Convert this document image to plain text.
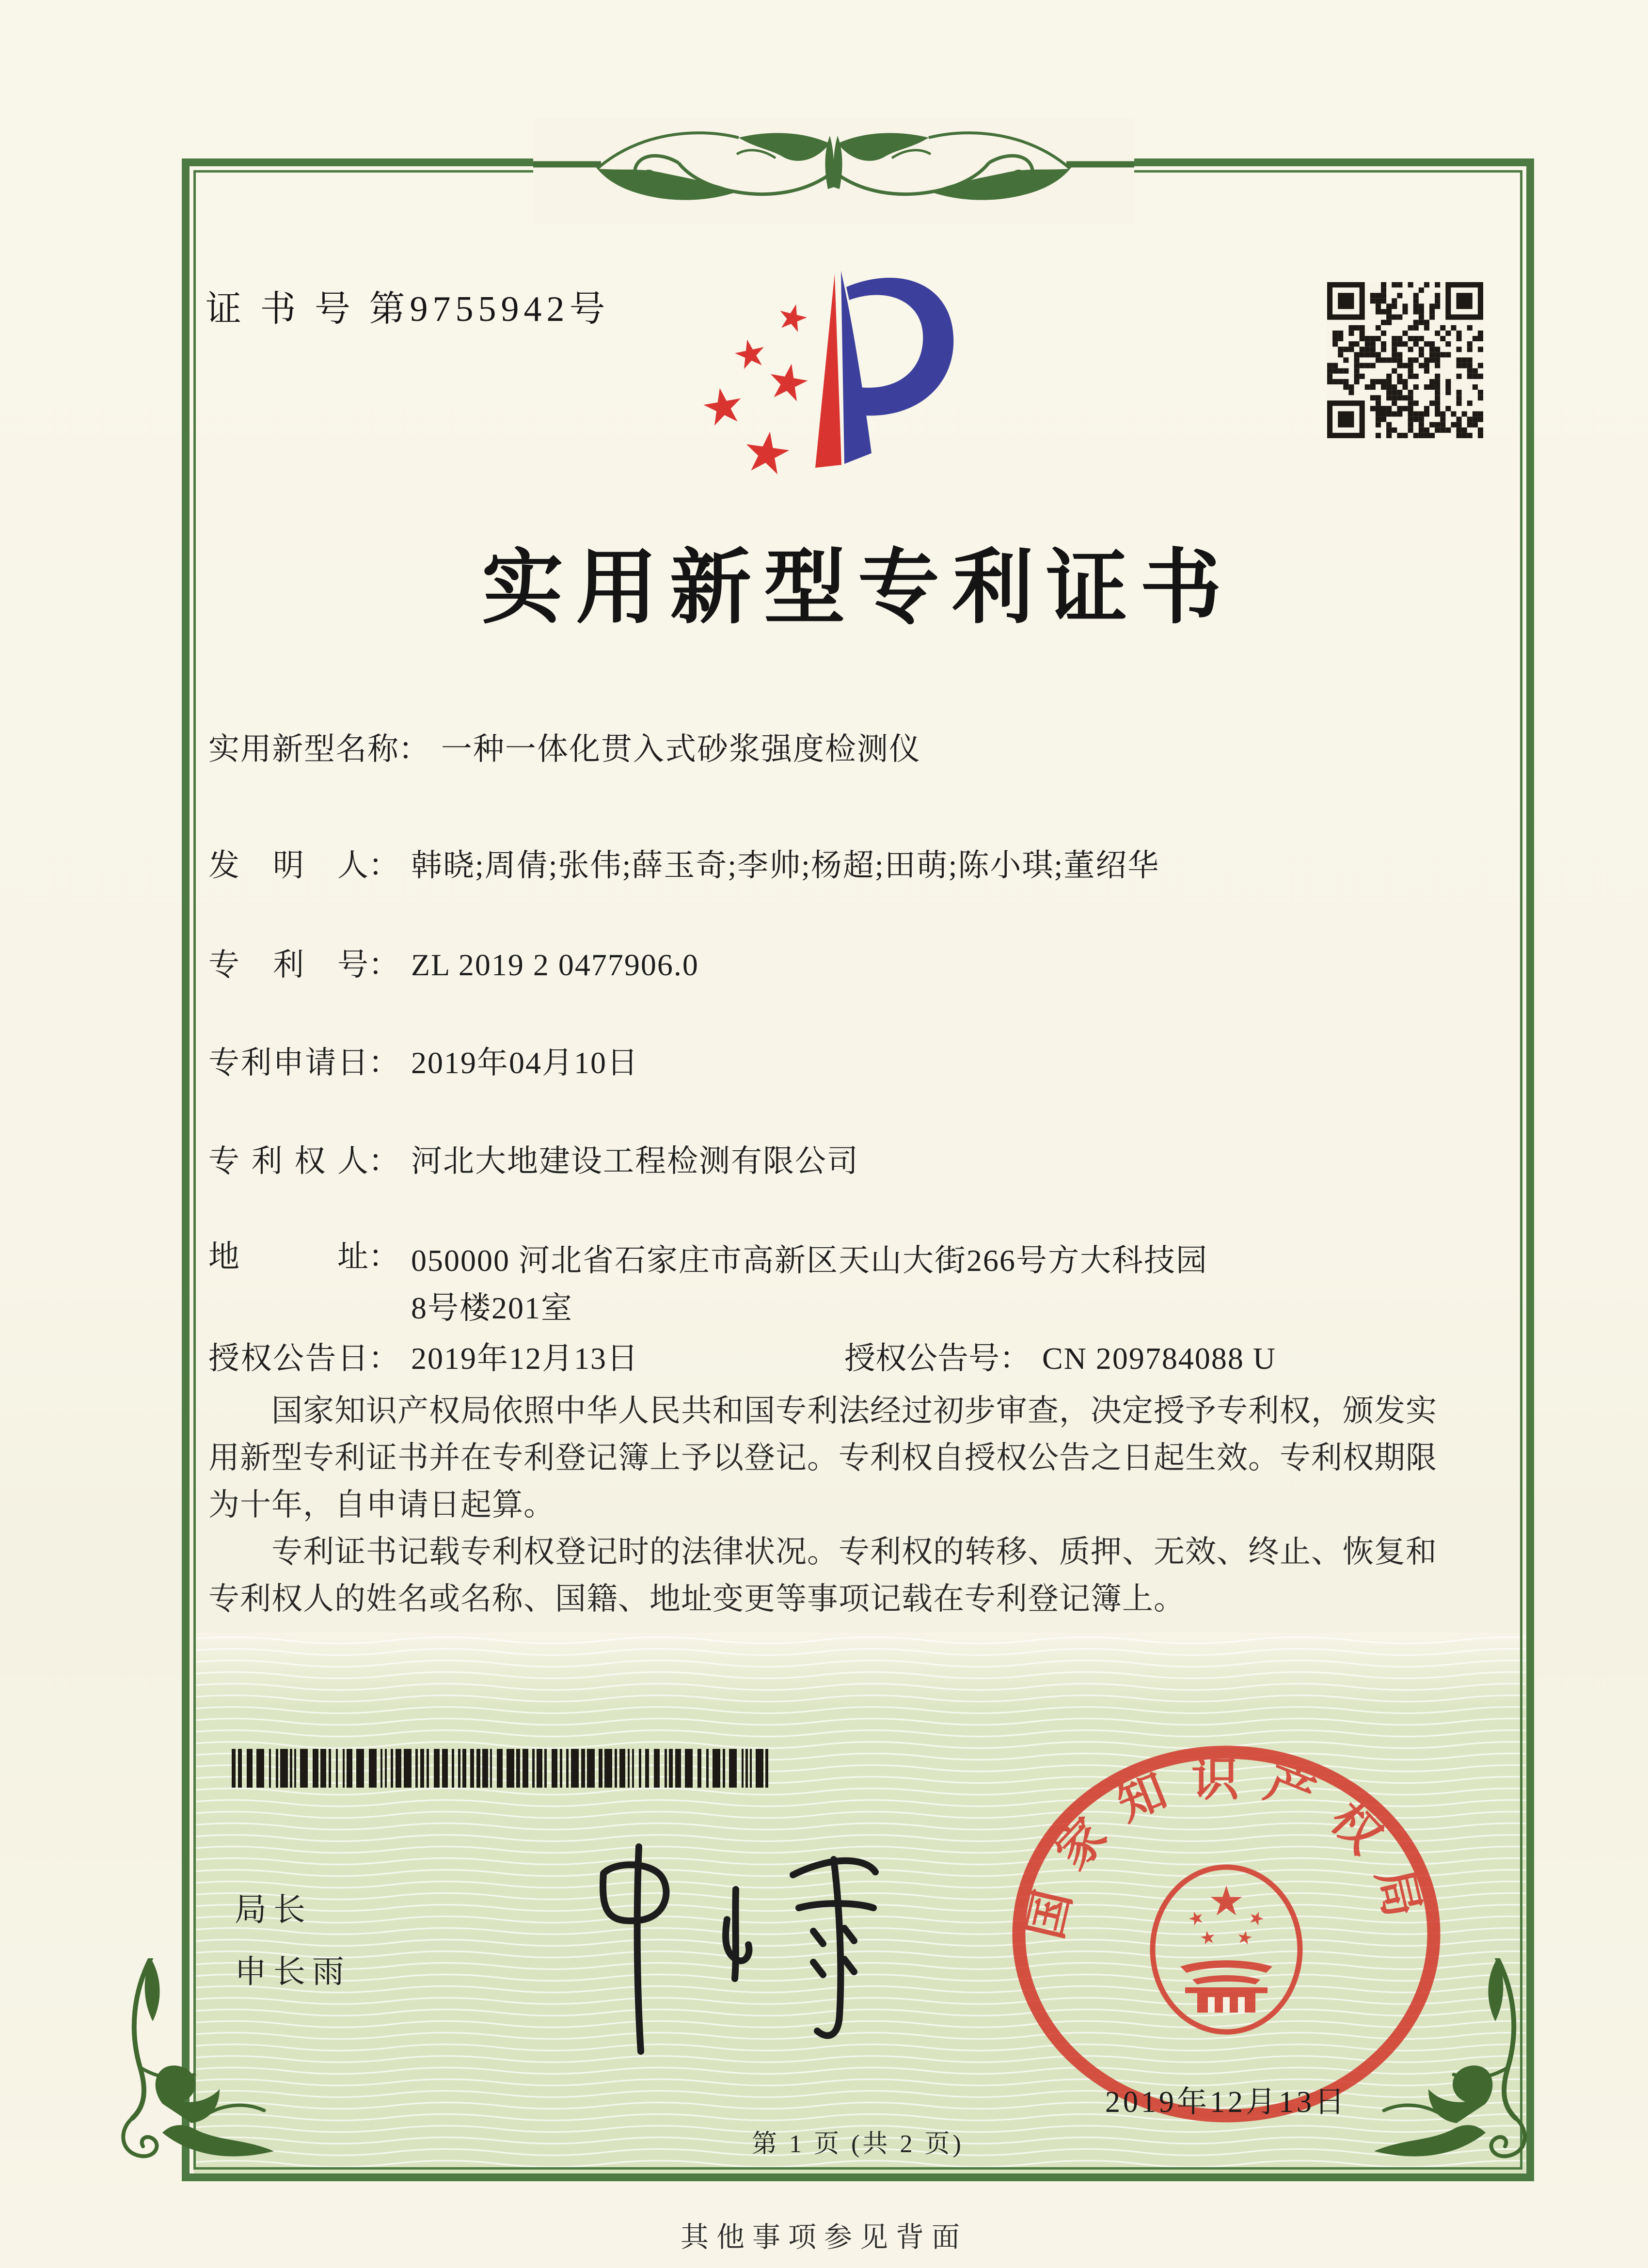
证 书 号 第9755942号
实用新型专利证书
实用新型名称： 一种一体化贯入式砂浆强度检测仪
发明人： 韩晓;周倩;张伟;薛玉奇;李帅;杨超;田萌;陈小琪;董绍华
专利号： ZL 2019 2 0477906.0
专利申请日： 2019年04月10日
专利权人： 河北大地建设工程检测有限公司
地址： 050000 河北省石家庄市高新区天山大街266号方大科技园
8号楼201室
授权公告日： 2019年12月13日	授权公告号： CN 209784088 U

国家知识产权局依照中华人民共和国专利法经过初步审查，决定授予专利权，颁发实用新型专利证书并在专利登记簿上予以登记。专利权自授权公告之日起生效。专利权期限为十年，自申请日起算。

专利证书记载专利权登记时的法律状况。专利权的转移、质押、无效、终止、恢复和专利权人的姓名或名称、国籍、地址变更等事项记载在专利登记簿上。

局长
申长雨
国家知识产权局
2019年12月13日
第 1 页 (共 2 页)
其他事项参见背面
